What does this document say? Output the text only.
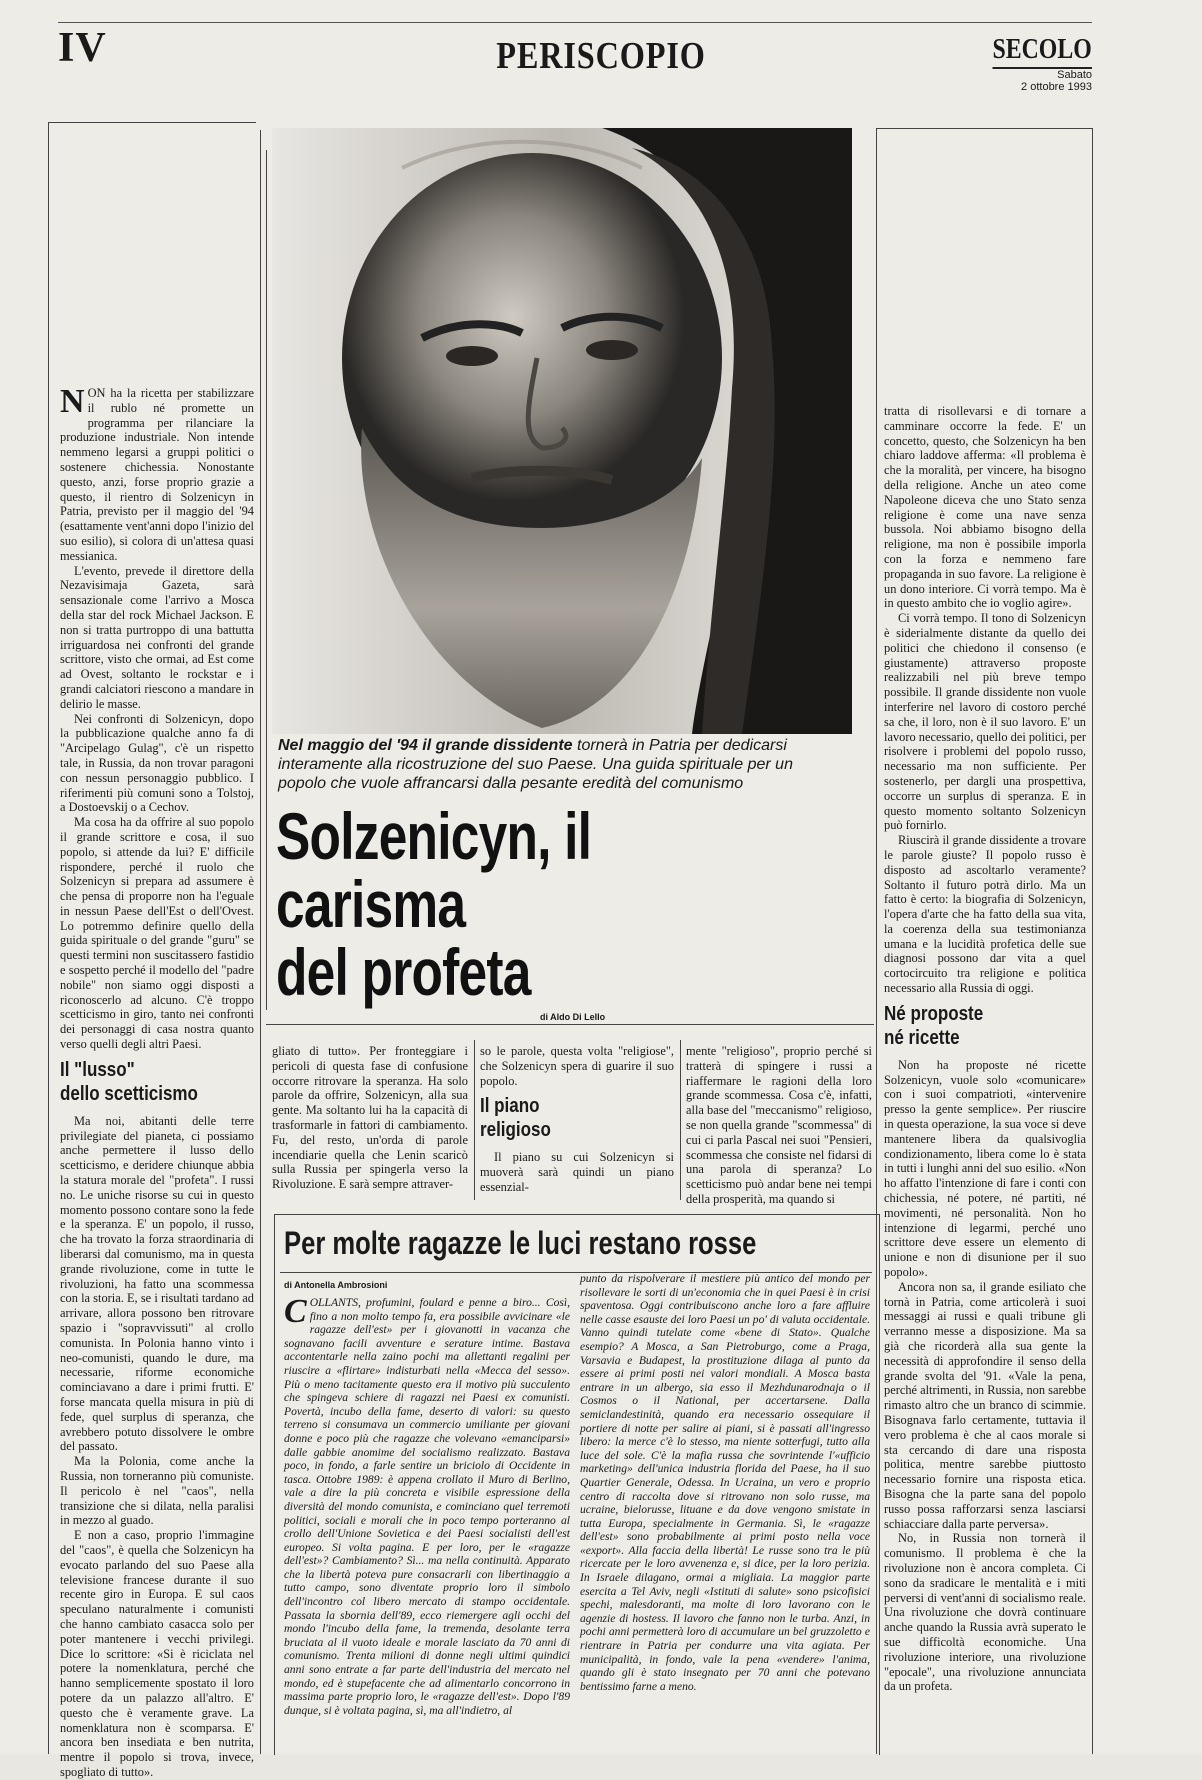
IV	PERISCOPIO	SECOLO
Sabato
2 ottobre 1993
Nel maggio del '94 il grande dissidente tornerà in Patria per dedicarsi interamente alla ricostruzione del suo Paese. Una guida spirituale per un popolo che vuole affrancarsi dalla pesante eredità del comunismo
Solzenicyn, il carisma
del profeta
di Aldo Di Lello

NON ha la ricetta per stabilizzare il rublo né promette un programma per rilanciare la produzione industriale. Non intende nemmeno legarsi a gruppi politici o sostenere chichessia. Nonostante questo, anzi, forse proprio grazie a questo, il rientro di Solzenicyn in Patria, previsto per il maggio del '94 (esattamente vent'anni dopo l'inizio del suo esilio), si colora di un'attesa quasi messianica.

L'evento, prevede il direttore della Nezavisimaja Gazeta, sarà sensazionale come l'arrivo a Mosca della star del rock Michael Jackson. E non si tratta purtroppo di una battutta irriguardosa nei confronti del grande scrittore, visto che ormai, ad Est come ad Ovest, soltanto le rockstar e i grandi calciatori riescono a mandare in delirio le masse.

Nei confronti di Solzenicyn, dopo la pubblicazione qualche anno fa di "Arcipelago Gulag", c'è un rispetto tale, in Russia, da non trovar paragoni con nessun personaggio pubblico. I riferimenti più comuni sono a Tolstoj, a Dostoevskij o a Cechov.

Ma cosa ha da offrire al suo popolo il grande scrittore e cosa, il suo popolo, si attende da lui? E' difficile rispondere, perché il ruolo che Solzenicyn si prepara ad assumere è che pensa di proporre non ha l'eguale in nessun Paese dell'Est o dell'Ovest. Lo potremmo definire quello della guida spirituale o del grande "guru" se questi termini non suscitassero fastidio e sospetto perché il modello del "padre nobile" non siamo oggi disposti a riconoscerlo ad alcuno. C'è troppo scetticismo in giro, tanto nei confronti dei personaggi di casa nostra quanto verso quelli degli altri Paesi.

Il "lusso"
dello scetticismo

Ma noi, abitanti delle terre privilegiate del pianeta, ci possiamo anche permettere il lusso dello scetticismo, e deridere chiunque abbia la statura morale del "profeta". I russi no. Le uniche risorse su cui in questo momento possono contare sono la fede e la speranza. E' un popolo, il russo, che ha trovato la forza straordinaria di liberarsi dal comunismo, ma in questa grande rivoluzione, come in tutte le rivoluzioni, ha fatto una scommessa con la storia. E, se i risultati tardano ad arrivare, allora possono ben ritrovare spazio i "sopravvissuti" al crollo comunista. In Polonia hanno vinto i neo-comunisti, quando le dure, ma necessarie, riforme economiche cominciavano a dare i primi frutti. E' forse mancata quella misura in più di fede, quel surplus di speranza, che avrebbero potuto dissolvere le ombre del passato.

Ma la Polonia, come anche la Russia, non torneranno più comuniste. Il pericolo è nel "caos", nella transizione che si dilata, nella paralisi in mezzo al guado.

E non a caso, proprio l'immagine del "caos", è quella che Solzenicyn ha evocato parlando del suo Paese alla televisione francese durante il suo recente giro in Europa. E sul caos speculano naturalmente i comunisti che hanno cambiato casacca solo per poter mantenere i vecchi privilegi. Dice lo scrittore: «Si è riciclata nel potere la nomenklatura, perché che hanno semplicemente spostato il loro potere da un palazzo all'altro. E' questo che è veramente grave. La nomenklatura non è scomparsa. E' ancora ben insediata e ben nutrita, mentre il popolo si trova, invece, spogliato di tutto».

gliato di tutto». Per fronteggiare i pericoli di questa fase di confusione occorre ritrovare la speranza. Ha solo parole da offrire, Solzenicyn, alla sua gente. Ma soltanto lui ha la capacità di trasformarle in fattori di cambiamento. Fu, del resto, un'orda di parole incendiarie quella che Lenin scaricò sulla Russia per spingerla verso la Rivoluzione. E sarà sempre attraver-

so le parole, questa volta "religiose", che Solzenicyn spera di guarire il suo popolo.

Il piano
religioso

Il piano su cui Solzenicyn si muoverà sarà quindi un piano essenzial-

mente "religioso", proprio perché si tratterà di spingere i russi a riaffermare le ragioni della loro grande scommessa. Cosa c'è, infatti, alla base del "meccanismo" religioso, se non quella grande "scommessa" di cui ci parla Pascal nei suoi "Pensieri, scommessa che consiste nel fidarsi di una parola di speranza? Lo scetticismo può andar bene nei tempi della prosperità, ma quando si

tratta di risollevarsi e di tornare a camminare occorre la fede. E' un concetto, questo, che Solzenicyn ha ben chiaro laddove afferma: «Il problema è che la moralità, per vincere, ha bisogno della religione. Anche un ateo come Napoleone diceva che uno Stato senza religione è come una nave senza bussola. Noi abbiamo bisogno della religione, ma non è possibile imporla con la forza e nemmeno fare propaganda in suo favore. La religione è un dono interiore. Ci vorrà tempo. Ma è in questo ambito che io voglio agire».

Ci vorrà tempo. Il tono di Solzenicyn è siderialmente distante da quello dei politici che chiedono il consenso (e giustamente) attraverso proposte realizzabili nel più breve tempo possibile. Il grande dissidente non vuole interferire nel lavoro di costoro perché sa che, il loro, non è il suo lavoro. E' un lavoro necessario, quello dei politici, per risolvere i problemi del popolo russo, necessario ma non sufficiente. Per sostenerlo, per dargli una prospettiva, occorre un surplus di speranza. E in questo momento soltanto Solzenicyn può fornirlo.

Riuscirà il grande dissidente a trovare le parole giuste? Il popolo russo è disposto ad ascoltarlo veramente? Soltanto il futuro potrà dirlo. Ma un fatto è certo: la biografia di Solzenicyn, l'opera d'arte che ha fatto della sua vita, la coerenza della sua testimonianza umana e la lucidità profetica delle sue diagnosi possono dar vita a quel cortocircuito tra religione e politica necessario alla Russia di oggi.

Né proposte
né ricette

Non ha proposte né ricette Solzenicyn, vuole solo «comunicare» con i suoi compatrioti, «intervenire presso la gente semplice». Per riuscire in questa operazione, la sua voce si deve mantenere libera da qualsivoglia condizionamento, libera come lo è stata in tutti i lunghi anni del suo esilio. «Non ho affatto l'intenzione di fare i conti con chichessia, né potere, né partiti, né movimenti, né personalità. Non ho intenzione di legarmi, perché uno scrittore deve essere un elemento di unione e non di disunione per il suo popolo».

Ancora non sa, il grande esiliato che tornà in Patria, come articolerà i suoi messaggi ai russi e quali tribune gli verranno messe a disposizione. Ma sa già che ricorderà alla sua gente la necessità di approfondire il senso della grande svolta del '91. «Vale la pena, perché altrimenti, in Russia, non sarebbe rimasto altro che un branco di scimmie. Bisognava farlo certamente, tuttavia il vero problema è che al caos morale si sta cercando di dare una risposta politica, mentre sarebbe piuttosto necessario fornire una risposta etica. Bisogna che la parte sana del popolo russo possa rafforzarsi senza lasciarsi schiacciare dalla parte perversa».

No, in Russia non tornerà il comunismo. Il problema è che la rivoluzione non è ancora completa. Ci sono da sradicare le mentalità e i miti perversi di vent'anni di socialismo reale. Una rivoluzione che dovrà continuare anche quando la Russia avrà superato le sue difficoltà economiche. Una rivoluzione interiore, una rivoluzione "epocale", una rivoluzione annunciata da un profeta.

Per molte ragazze le luci restano rosse
di Antonella Ambrosioni

COLLANTS, profumini, foulard e penne a biro... Così, fino a non molto tempo fa, era possibile avvicinare «le ragazze dell'est» per i giovanotti in vacanza che sognavano facili avventure e serature intime. Bastava accontentarle nella zaino pochi ma allettanti regalini per riuscire a «flirtare» indisturbati nella «Mecca del sesso». Più o meno tacitamente questo era il motivo più succulento che spingeva schiere di ragazzi nei Paesi ex comunisti. Povertà, incubo della fame, deserto di valori: su questo terreno si consumava un commercio umiliante per giovani donne e poco più che ragazze che volevano «emanciparsi» dalle gabbie anomime del socialismo realizzato. Bastava poco, in fondo, a farle sentire un briciolo di Occidente in tasca. Ottobre 1989: è appena crollato il Muro di Berlino, vale a dire la più concreta e visibile espressione della diversità del mondo comunista, e cominciano quel terremoti politici, sociali e morali che in poco tempo porteranno al crollo dell'Unione Sovietica e dei Paesi socialisti dell'est europeo. Si volta pagina. E per loro, per le «ragazze dell'est»? Cambiamento? Sì... ma nella continuità. Apparato che la libertà poteva pure consacrarli con libertinaggio a tutto campo, sono diventate proprio loro il simbolo dell'incontro col libero mercato di stampo occidentale. Passata la sbornia dell'89, ecco riemergere agli occhi del mondo l'incubo della fame, la tremenda, desolante terra bruciata al il vuoto ideale e morale lasciato da 70 anni di comunismo. Trenta milioni di donne negli ultimi quindici anni sono entrate a far parte dell'industria del mercato nel mondo, ed è stupefacente che ad alimentarlo concorrono in massima parte proprio loro, le «ragazze dell'est». Dopo l'89 dunque, si è voltata pagina, sì, ma all'indietro, al

punto da rispolverare il mestiere più antico del mondo per risollevare le sorti di un'economia che in quei Paesi è in crisi spaventosa. Oggi contribuiscono anche loro a fare affluire nelle casse esauste dei loro Paesi un po' di valuta occidentale. Vanno quindi tutelate come «bene di Stato». Qualche esempio? A Mosca, a San Pietroburgo, come a Praga, Varsavia e Budapest, la prostituzione dilaga al punto da essere ai primi posti nei valori mondiali. A Mosca basta entrare in un albergo, sia esso il Mezhdunarodnaja o il Cosmos o il National, per accertarsene. Dalla semiclandestinità, quando era necessario ossequiare il portiere di notte per salire ai piani, si è passati all'ingresso libero: la merce c'è lo stesso, ma niente sotterfugi, tutto alla luce del sole. C'è la mafia russa che sovrintende l'«ufficio marketing» dell'unica industria florida del Paese, ha il suo Quartier Generale, Odessa. In Ucraina, un vero e proprio centro di raccolta dove si ritrovano non solo russe, ma ucraine, bielorusse, lituane e da dove vengono smistate in tutta Europa, specialmente in Germania. Sì, le «ragazze dell'est» sono probabilmente ai primi posto nella voce «export». Alla faccia della libertà! Le russe sono tra le più ricercate per le loro avvenenza e, si dice, per la loro perizia. In Israele dilagano, ormai a migliaia. La maggior parte esercita a Tel Aviv, negli «Istituti di salute» sono psicofisici spechi, malesdoranti, ma molte di loro lavorano con le agenzie di hostess. Il lavoro che fanno non le turba. Anzi, in pochi anni permetterà loro di accumulare un bel gruzzoletto e rientrare in Patria per condurre una vita agiata. Per municipalità, in fondo, vale la pena «vendere» l'anima, quando gli è stato insegnato per 70 anni che potevano bentissimo farne a meno.
